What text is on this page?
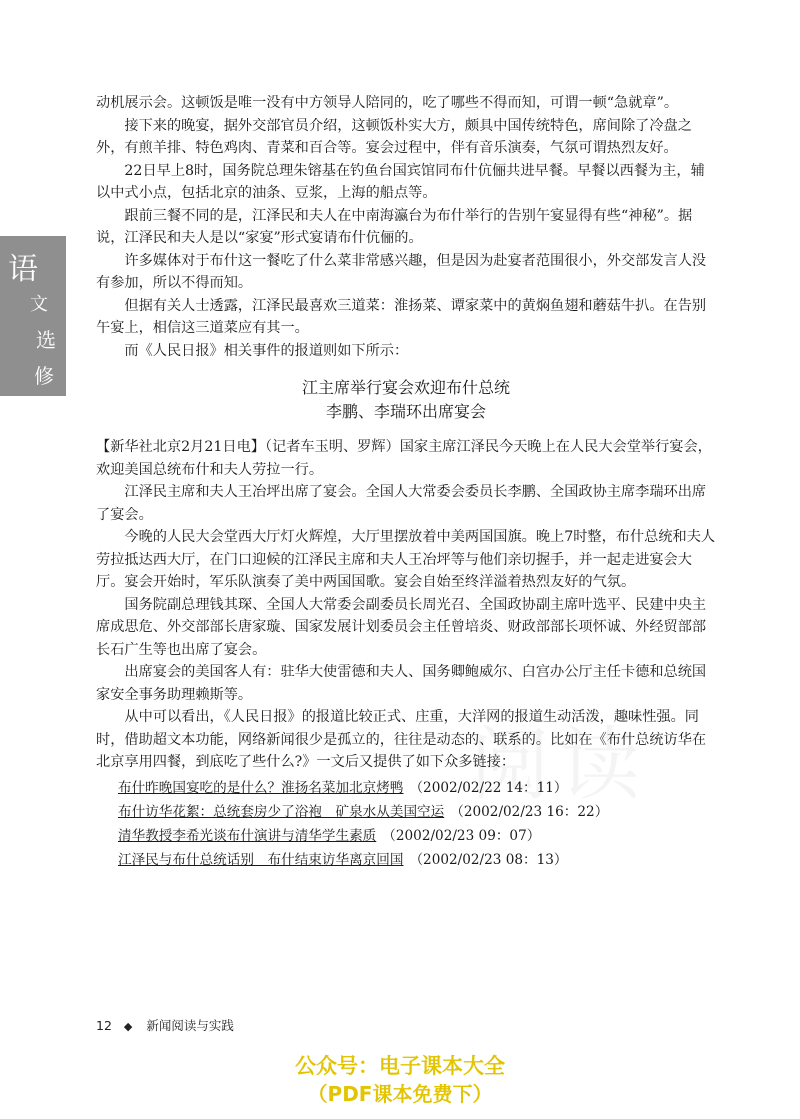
语
文
选
修

动机展示会。这顿饭是唯一没有中方领导人陪同的，吃了哪些不得而知，可谓一顿“急就章”。

接下来的晚宴，据外交部官员介绍，这顿饭朴实大方，颇具中国传统特色，席间除了冷盘之外，有煎羊排、特色鸡肉、青菜和百合等。宴会过程中，伴有音乐演奏，气氛可谓热烈友好。

22日早上8时，国务院总理朱镕基在钓鱼台国宾馆同布什伉俪共进早餐。早餐以西餐为主，辅以中式小点，包括北京的油条、豆浆，上海的船点等。

跟前三餐不同的是，江泽民和夫人在中南海瀛台为布什举行的告别午宴显得有些“神秘”。据说，江泽民和夫人是以“家宴”形式宴请布什伉俪的。

许多媒体对于布什这一餐吃了什么菜非常感兴趣，但是因为赴宴者范围很小，外交部发言人没有参加，所以不得而知。

但据有关人士透露，江泽民最喜欢三道菜：淮扬菜、谭家菜中的黄焖鱼翅和蘑菇牛扒。在告别午宴上，相信这三道菜应有其一。

而《人民日报》相关事件的报道则如下所示：

江主席举行宴会欢迎布什总统
李鹏、李瑞环出席宴会

【新华社北京2月21日电】（记者车玉明、罗辉）国家主席江泽民今天晚上在人民大会堂举行宴会，欢迎美国总统布什和夫人劳拉一行。

江泽民主席和夫人王冶坪出席了宴会。全国人大常委会委员长李鹏、全国政协主席李瑞环出席了宴会。

今晚的人民大会堂西大厅灯火辉煌，大厅里摆放着中美两国国旗。晚上7时整，布什总统和夫人劳拉抵达西大厅，在门口迎候的江泽民主席和夫人王冶坪等与他们亲切握手，并一起走进宴会大厅。宴会开始时，军乐队演奏了美中两国国歌。宴会自始至终洋溢着热烈友好的气氛。

国务院副总理钱其琛、全国人大常委会副委员长周光召、全国政协副主席叶选平、民建中央主席成思危、外交部部长唐家璇、国家发展计划委员会主任曾培炎、财政部部长项怀诚、外经贸部部长石广生等也出席了宴会。

出席宴会的美国客人有：驻华大使雷德和夫人、国务卿鲍威尔、白宫办公厅主任卡德和总统国家安全事务助理赖斯等。

从中可以看出，《人民日报》的报道比较正式、庄重，大洋网的报道生动活泼，趣味性强。同时，借助超文本功能，网络新闻很少是孤立的，往往是动态的、联系的。比如在《布什总统访华在北京享用四餐，到底吃了些什么?》一文后又提供了如下众多链接：

布什昨晚国宴吃的是什么？淮扬名菜加北京烤鸭 （2002/02/22 14：11）
布什访华花絮：总统套房少了浴袍　矿泉水从美国空运 （2002/02/23 16：22）
清华教授李希光谈布什演讲与清华学生素质 （2002/02/23 09：07）
江泽民与布什总统话别　布什结束访华离京回国 （2002/02/23 08：13）
12 ◆ 新闻阅读与实践
公众号：电子课本大全
（PDF课本免费下）
